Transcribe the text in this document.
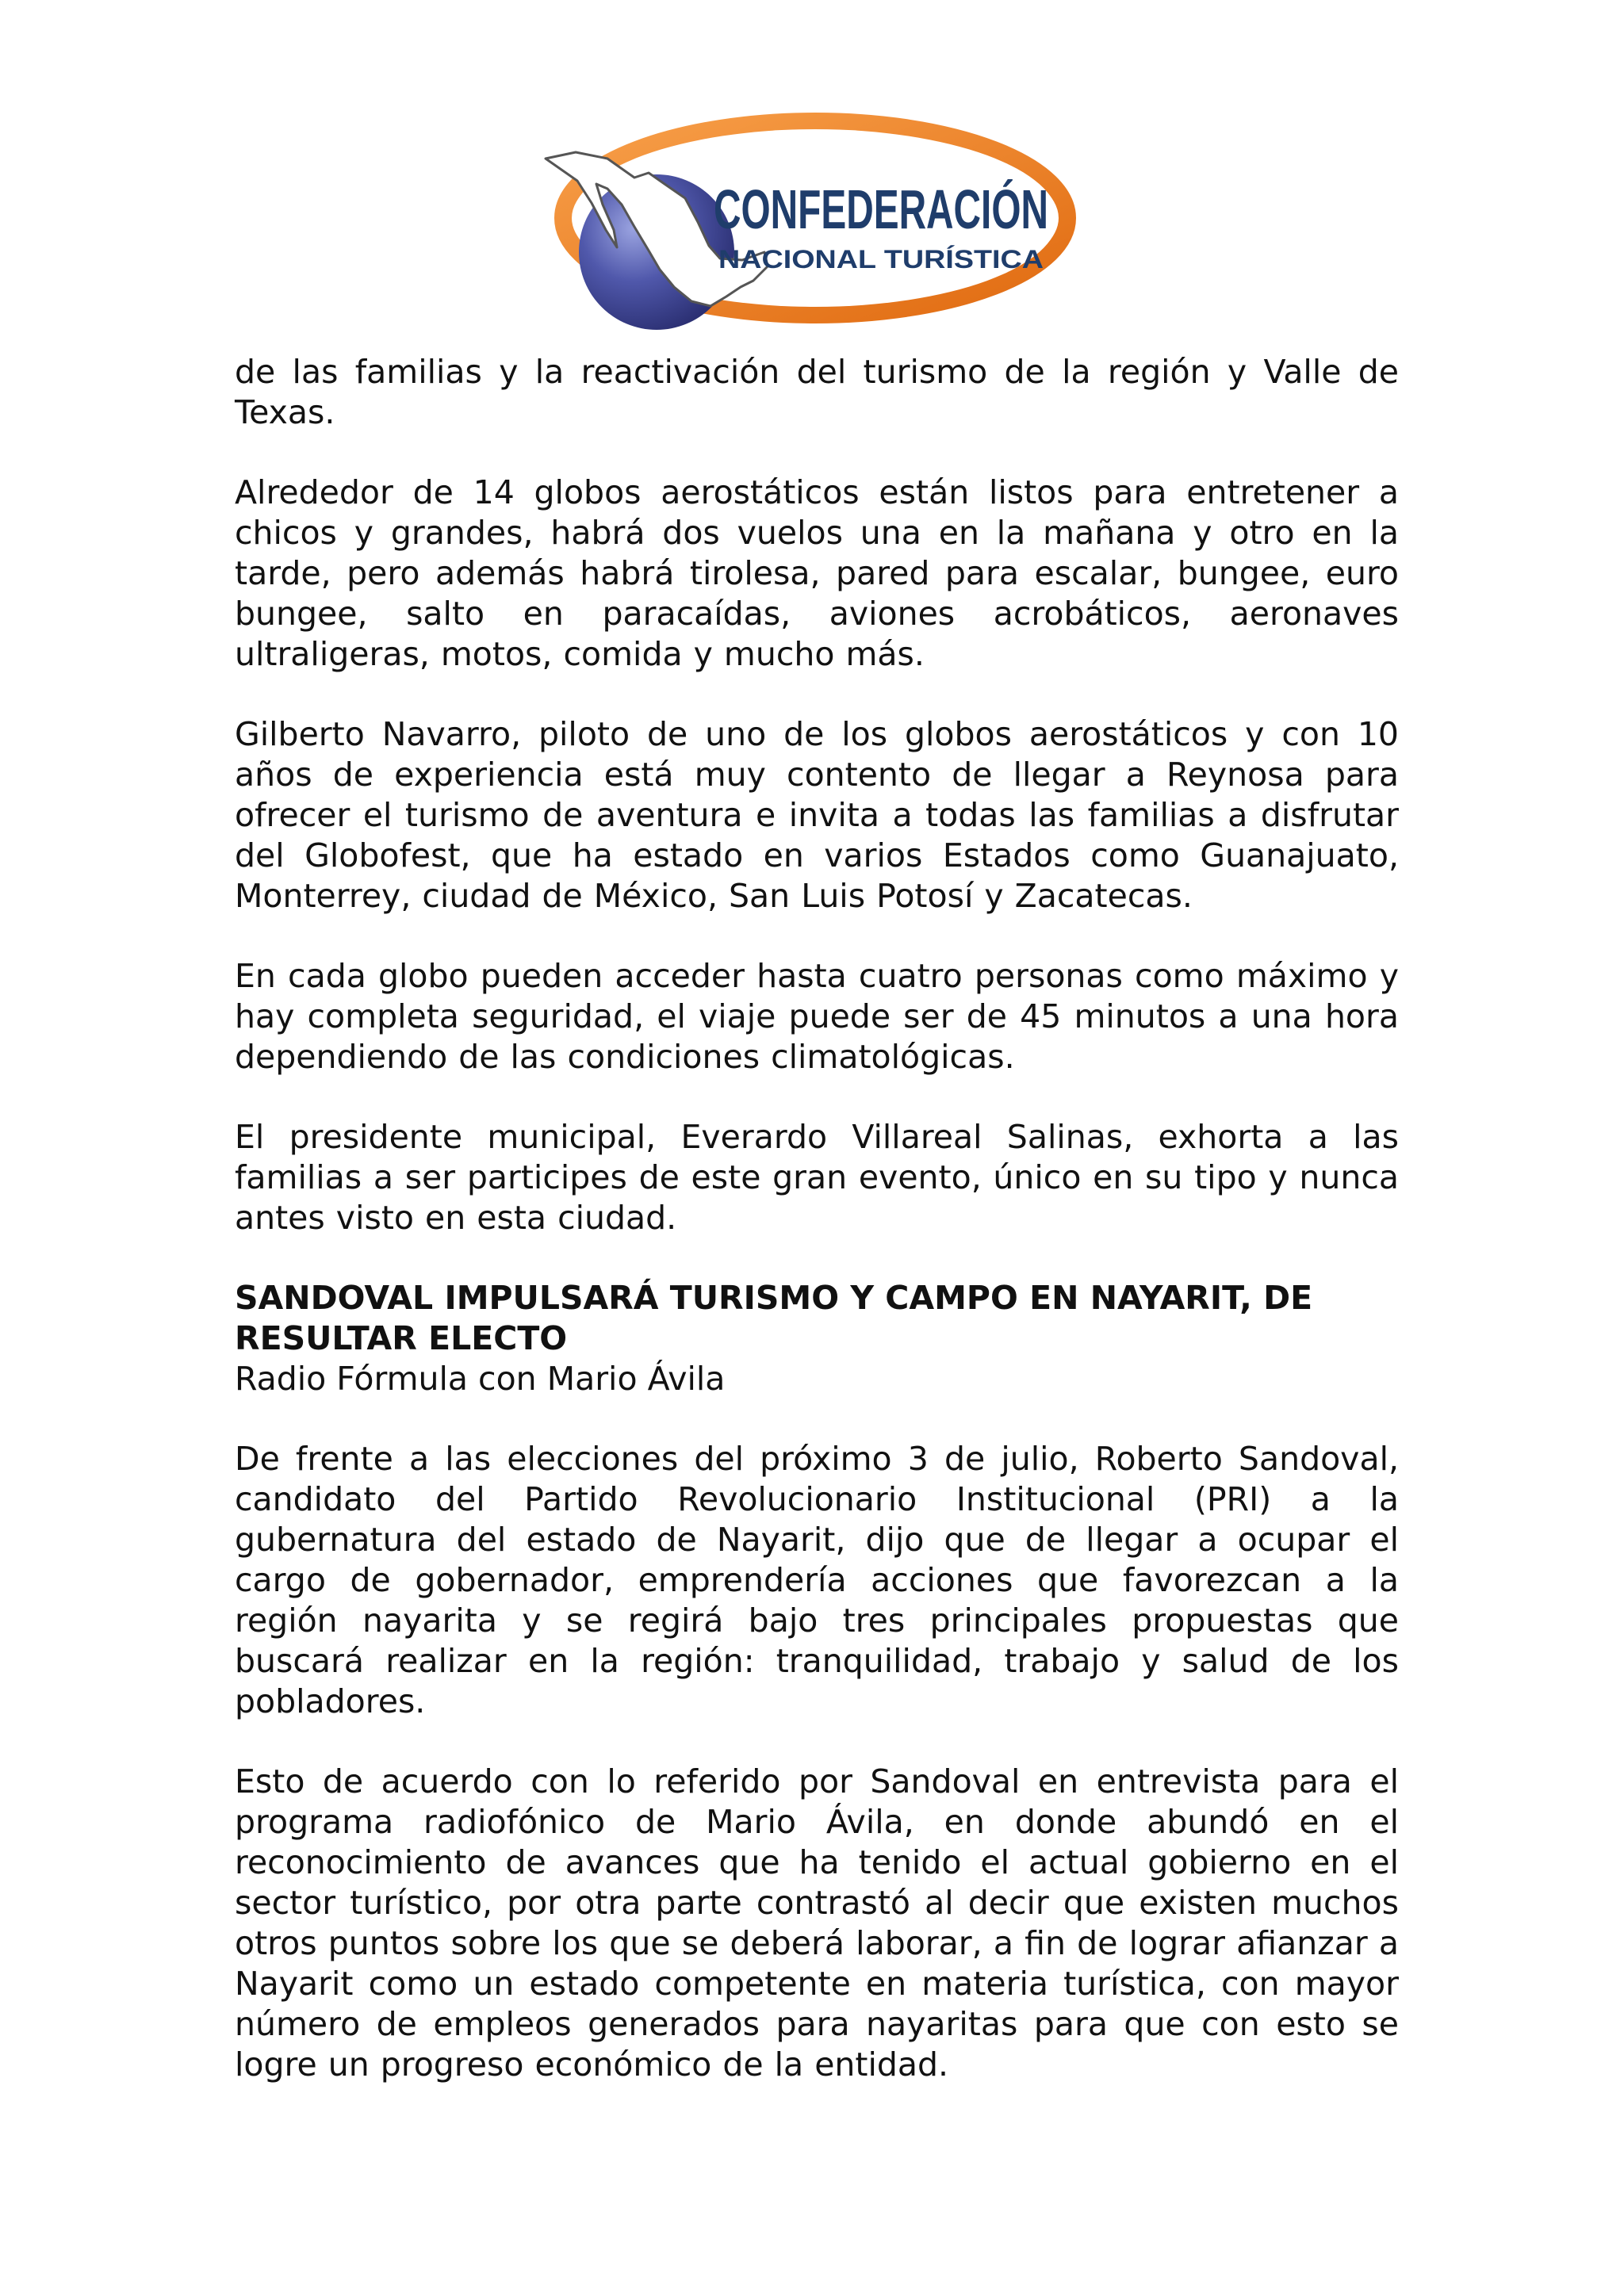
CONFEDERACIÓN
NACIONAL TURÍSTICA

de las familias y la reactivación del turismo de la región y Valle de Texas.

Alrededor de 14 globos aerostáticos están listos para entretener a chicos y grandes, habrá dos vuelos una en la mañana y otro en la tarde, pero además habrá tirolesa, pared para escalar, bungee, euro bungee, salto en paracaídas, aviones acrobáticos, aeronaves ultraligeras, motos, comida y mucho más.

Gilberto Navarro, piloto de uno de los globos aerostáticos y con 10 años de experiencia está muy contento de llegar a Reynosa para ofrecer el turismo de aventura e invita a todas las familias a disfrutar del Globofest, que ha estado en varios Estados como Guanajuato, Monterrey, ciudad de México, San Luis Potosí y Zacatecas.

En cada globo pueden acceder hasta cuatro personas como máximo y hay completa seguridad, el viaje puede ser de 45 minutos a una hora dependiendo de las condiciones climatológicas.

El presidente municipal, Everardo Villareal Salinas, exhorta a las familias a ser participes de este gran evento, único en su tipo y nunca antes visto en esta ciudad.

SANDOVAL IMPULSARÁ TURISMO Y CAMPO EN NAYARIT, DE RESULTAR ELECTO
Radio Fórmula con Mario Ávila

De frente a las elecciones del próximo 3 de julio, Roberto Sandoval, candidato del Partido Revolucionario Institucional (PRI) a la gubernatura del estado de Nayarit, dijo que de llegar a ocupar el cargo de gobernador, emprendería acciones que favorezcan a la región nayarita y se regirá bajo tres principales propuestas que buscará realizar en la región: tranquilidad, trabajo y salud de los pobladores.

Esto de acuerdo con lo referido por Sandoval en entrevista para el programa radiofónico de Mario Ávila, en donde abundó en el reconocimiento de avances que ha tenido el actual gobierno en el sector turístico, por otra parte contrastó al decir que existen muchos otros puntos sobre los que se deberá laborar, a fin de lograr afianzar a Nayarit como un estado competente en materia turística, con mayor número de empleos generados para nayaritas para que con esto se logre un progreso económico de la entidad.
